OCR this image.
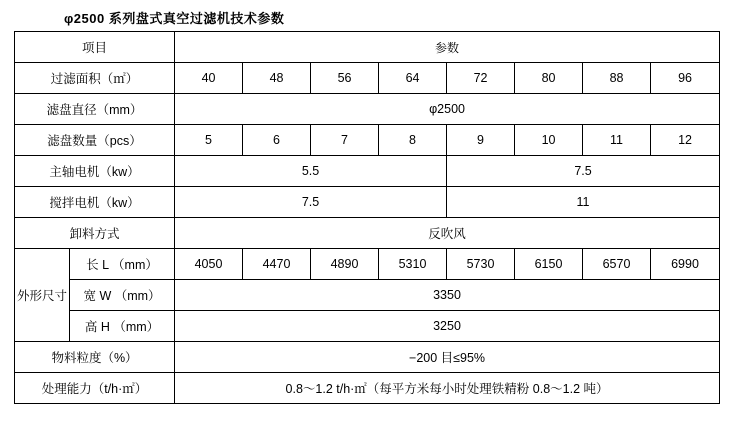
φ2500 系列盘式真空过滤机技术参数
项目		参数							
过滤面积（㎡）		40	48	56	64	72	80	88	96
滤盘直径（mm）		φ2500							
滤盘数量（pcs）		5	6	7	8	9	10	11	12
主轴电机（kw）		5.5				7.5			
搅拌电机（kw）		7.5				11			
卸料方式		反吹风							
外形尺寸	长 L （mm）	4050	4470	4890	5310	5730	6150	6570	6990
	宽 W （mm）	3350							
	高 H （mm）	3250							
物料粒度（%）		−200 目≤95%							
处理能力（t/h·㎡）		0.8～1.2 t/h·㎡（每平方米每小时处理铁精粉 0.8～1.2 吨）							
